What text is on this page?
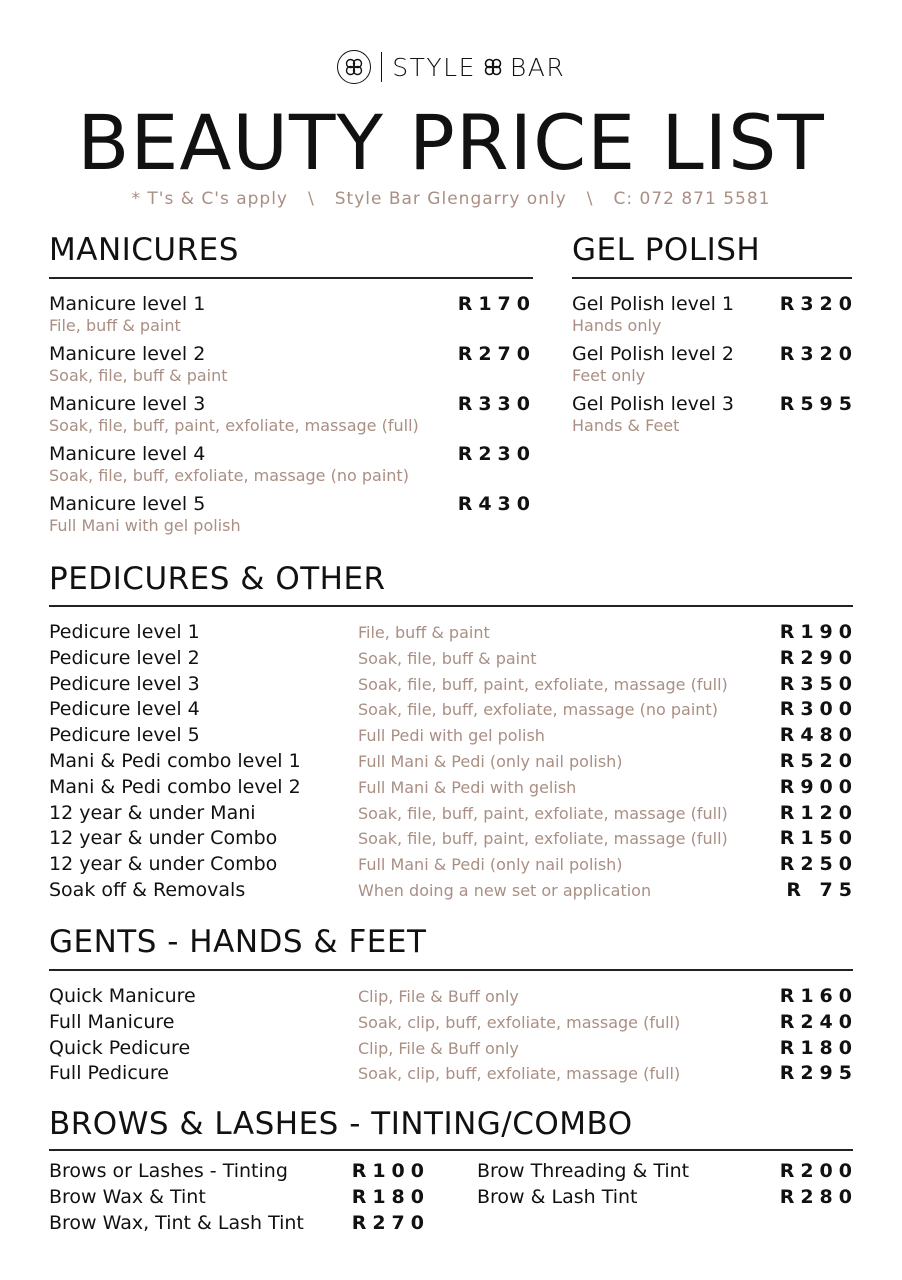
STYLE BAR
BEAUTY PRICE LIST
* T's & C's apply \ Style Bar Glengarry only \ C: 072 871 5581
MANICURES
Manicure level 1
File, buff & paint
R170
Manicure level 2
Soak, file, buff & paint
R270
Manicure level 3
Soak, file, buff, paint, exfoliate, massage (full)
R330
Manicure level 4
Soak, file, buff, exfoliate, massage (no paint)
R230
Manicure level 5
Full Mani with gel polish
R430
GEL POLISH
Gel Polish level 1
Hands only
R320
Gel Polish level 2
Feet only
R320
Gel Polish level 3
Hands & Feet
R595
PEDICURES & OTHER
Pedicure level 1	File, buff & paint	R190
Pedicure level 2	Soak, file, buff & paint	R290
Pedicure level 3	Soak, file, buff, paint, exfoliate, massage (full)	R350
Pedicure level 4	Soak, file, buff, exfoliate, massage (no paint)	R300
Pedicure level 5	Full Pedi with gel polish	R480
Mani & Pedi combo level 1	Full Mani & Pedi (only nail polish)	R520
Mani & Pedi combo level 2	Full Mani & Pedi with gelish	R900
12 year & under Mani	Soak, file, buff, paint, exfoliate, massage (full)	R120
12 year & under Combo	Soak, file, buff, paint, exfoliate, massage (full)	R150
12 year & under Combo	Full Mani & Pedi (only nail polish)	R250
Soak off & Removals	When doing a new set or application	R 75
GENTS - HANDS & FEET
Quick Manicure	Clip, File & Buff only	R160
Full Manicure	Soak, clip, buff, exfoliate, massage (full)	R240
Quick Pedicure	Clip, File & Buff only	R180
Full Pedicure	Soak, clip, buff, exfoliate, massage (full)	R295
BROWS & LASHES - TINTING/COMBO
Brows or Lashes - Tinting	R100
Brow Wax & Tint	R180
Brow Wax, Tint & Lash Tint	R270
Brow Threading & Tint	R200
Brow & Lash Tint	R280
